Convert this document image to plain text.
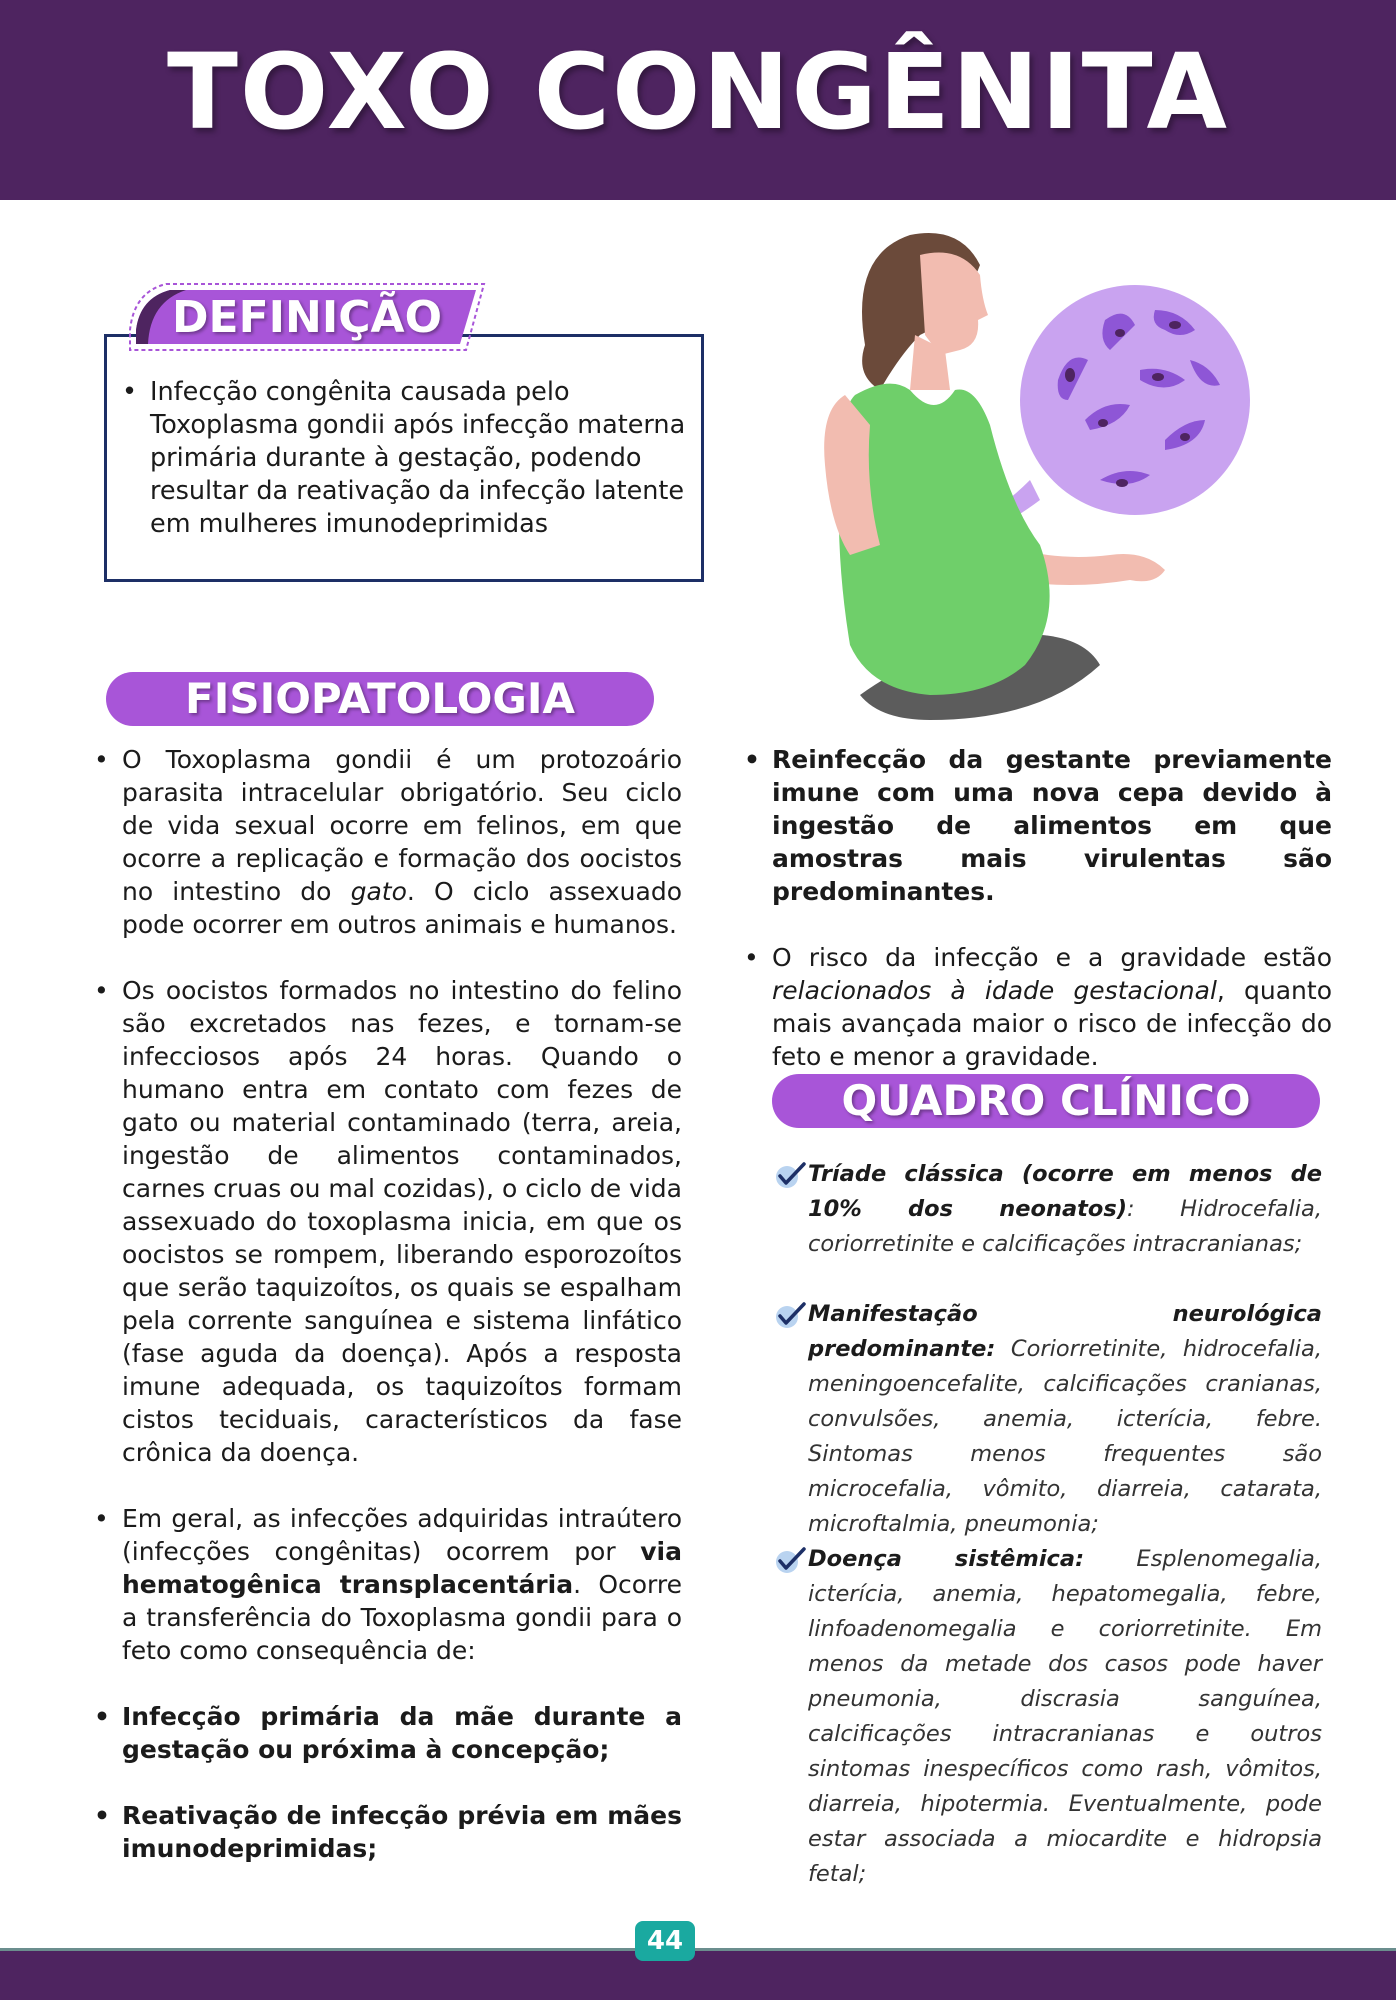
TOXO CONGÊNITA
DEFINIÇÃO
• Infecção congênita causada pelo Toxoplasma gondii após infecção materna primária durante à gestação, podendo resultar da reativação da infecção latente em mulheres imunodeprimidas
FISIOPATOLOGIA
• O Toxoplasma gondii é um protozoário parasita intracelular obrigatório. Seu ciclo de vida sexual ocorre em felinos, em que ocorre a replicação e formação dos oocistos no intestino do gato. O ciclo assexuado pode ocorrer em outros animais e humanos.
• Os oocistos formados no intestino do felino são excretados nas fezes, e tornam-se infecciosos após 24 horas. Quando o humano entra em contato com fezes de gato ou material contaminado (terra, areia, ingestão de alimentos contaminados, carnes cruas ou mal cozidas), o ciclo de vida assexuado do toxoplasma inicia, em que os oocistos se rompem, liberando esporozoítos que serão taquizoítos, os quais se espalham pela corrente sanguínea e sistema linfático (fase aguda da doença). Após a resposta imune adequada, os taquizoítos formam cistos teciduais, característicos da fase crônica da doença.
• Em geral, as infecções adquiridas intraútero (infecções congênitas) ocorrem por via hematogênica transplacentária. Ocorre a transferência do Toxoplasma gondii para o feto como consequência de:
• Infecção primária da mãe durante a gestação ou próxima à concepção;
• Reativação de infecção prévia em mães imunodeprimidas;
• Reinfecção da gestante previamente imune com uma nova cepa devido à ingestão de alimentos em que amostras mais virulentas são predominantes.
• O risco da infecção e a gravidade estão relacionados à idade gestacional, quanto mais avançada maior o risco de infecção do feto e menor a gravidade.
QUADRO CLÍNICO
Tríade clássica (ocorre em menos de 10% dos neonatos): Hidrocefalia, coriorretinite e calcificações intracranianas;
Manifestação neurológica predominante: Coriorretinite, hidrocefalia, meningoencefalite, calcificações cranianas, convulsões, anemia, icterícia, febre. Sintomas menos frequentes são microcefalia, vômito, diarreia, catarata, microftalmia, pneumonia;
Doença sistêmica: Esplenomegalia, icterícia, anemia, hepatomegalia, febre, linfoadenomegalia e coriorretinite. Em menos da metade dos casos pode haver pneumonia, discrasia sanguínea, calcificações intracranianas e outros sintomas inespecíficos como rash, vômitos, diarreia, hipotermia. Eventualmente, pode estar associada a miocardite e hidropsia fetal;
44
